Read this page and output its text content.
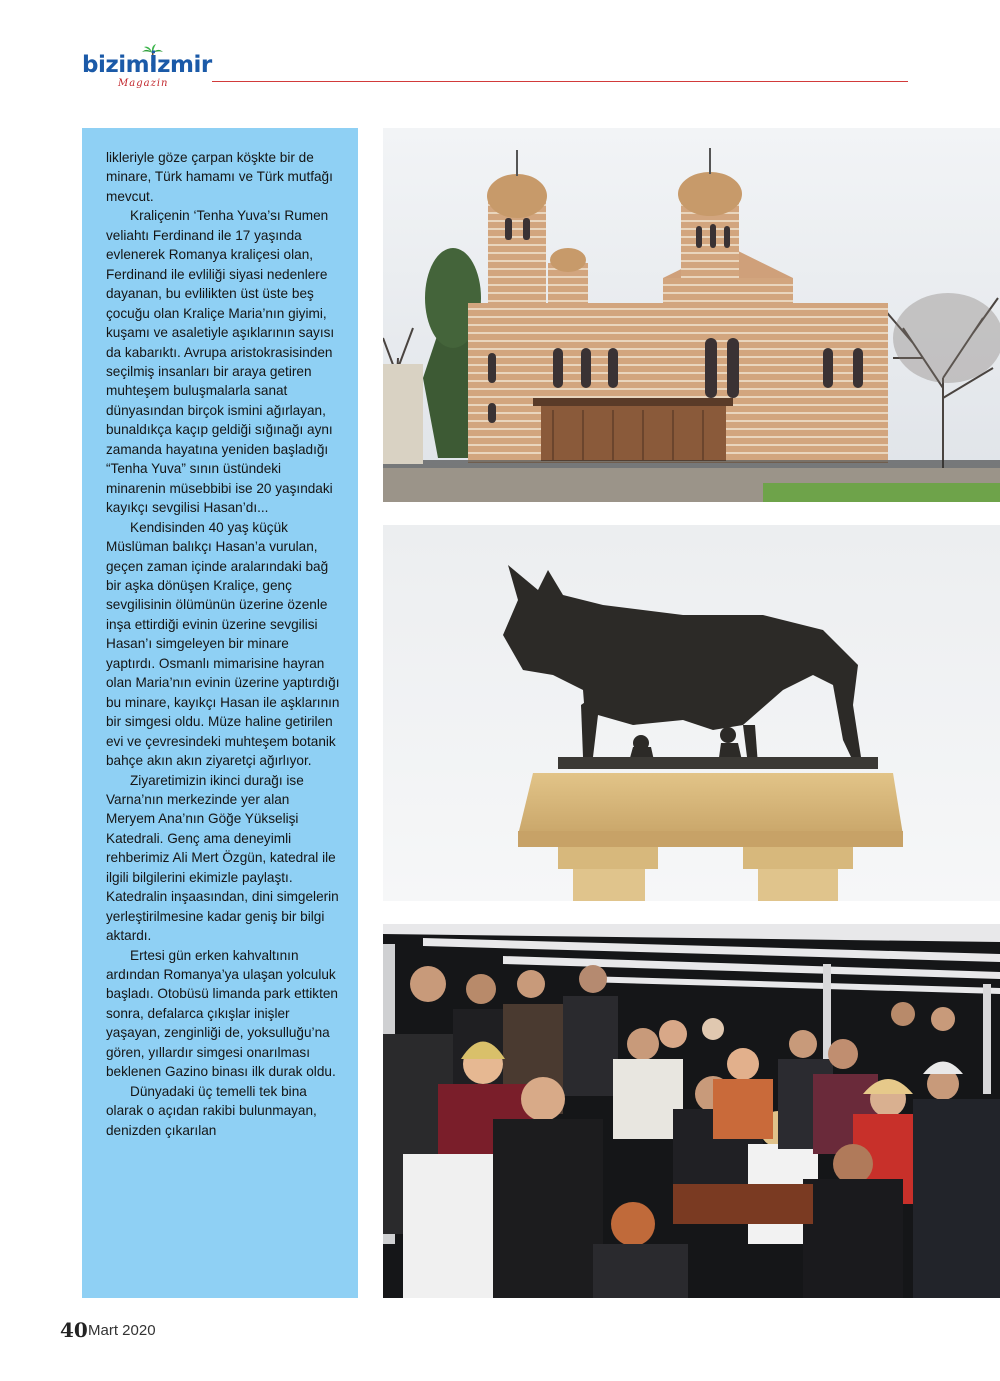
bizimİzmir
Magazin

likleriyle göze çarpan köşkte bir de minare, Türk hamamı ve Türk mutfağı mevcut.

Kraliçenin ‘Tenha Yuva’sı Rumen veliahtı Ferdinand ile 17 yaşında evlenerek Romanya kraliçesi olan, Ferdinand ile evliliği siyasi nedenlere dayanan, bu evlilikten üst üste beş çocuğu olan Kraliçe Maria’nın giyimi, kuşamı ve asaletiyle aşıklarının sayısı da kabarıktı. Avrupa aristokrasisinden seçilmiş insanları bir araya getiren muhteşem buluşmalarla sanat dünyasından birçok ismini ağırlayan, bunaldıkça kaçıp geldiği sığınağı aynı zamanda hayatına yeniden başladığı “Tenha Yuva” sının üstündeki minarenin müsebbibi ise 20 yaşındaki kayıkçı sevgilisi Hasan’dı...

Kendisinden 40 yaş küçük Müslüman balıkçı Hasan’a vurulan, geçen zaman içinde aralarındaki bağ bir aşka dönüşen Kraliçe, genç sevgilisinin ölümünün üzerine özenle inşa ettirdiği evinin üzerine sevgilisi Hasan’ı simgeleyen bir minare yaptırdı. Osmanlı mimarisine hayran olan Maria’nın evinin üzerine yaptırdığı bu minare, kayıkçı Hasan ile aşklarının bir simgesi oldu. Müze haline getirilen evi ve çevresindeki muhteşem botanik bahçe akın akın ziyaretçi ağırlıyor.

Ziyaretimizin ikinci durağı ise Varna’nın merkezinde yer alan Meryem Ana’nın Göğe Yükselişi Katedrali. Genç ama deneyimli rehberimiz Ali Mert Özgün, katedral ile ilgili bilgilerini ekimizle paylaştı. Katedralin inşaasından, dini simgelerin yerleştirilmesine kadar geniş bir bilgi aktardı.

Ertesi gün erken kahvaltının ardından Romanya’ya ulaşan yolculuk başladı. Otobüsü limanda park ettikten sonra, defalarca çıkışlar inişler yaşayan, zenginliği de, yoksulluğu’na gören, yıllardır simgesi onarılması beklenen Gazino binası ilk durak oldu.

Dünyadaki üç temelli tek bina olarak o açıdan rakibi bulunmayan, denizden çıkarılan

40 Mart 2020
